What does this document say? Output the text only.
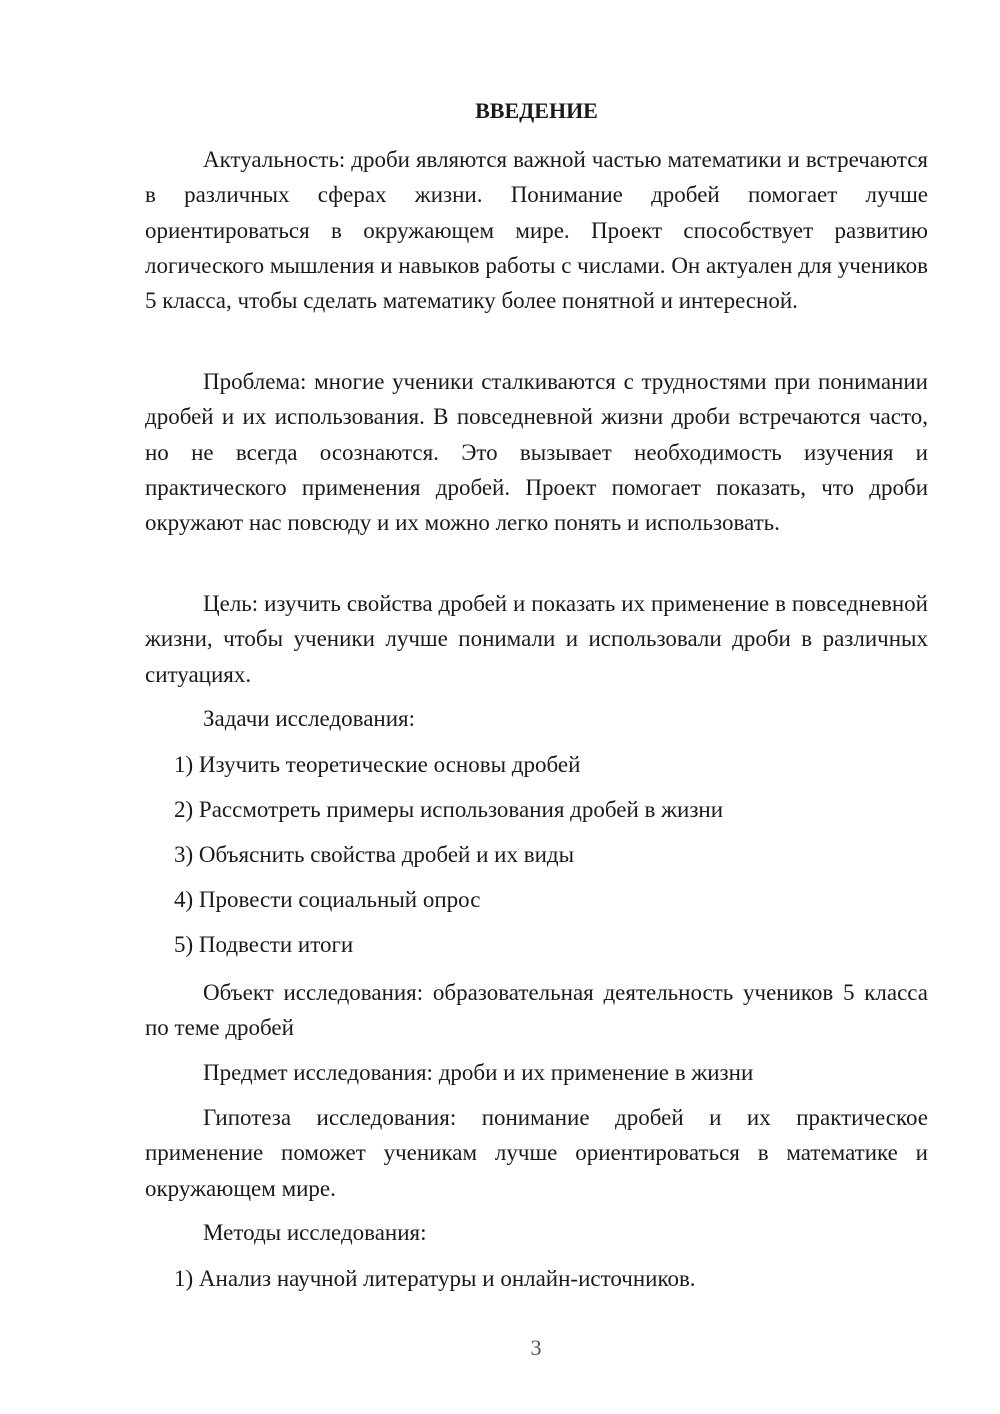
ВВЕДЕНИЕ

Актуальность: дроби являются важной частью математики и встречаются в различных сферах жизни. Понимание дробей помогает лучше ориентироваться в окружающем мире. Проект способствует развитию логического мышления и навыков работы с числами. Он актуален для учеников 5 класса, чтобы сделать математику более понятной и интересной.

Проблема: многие ученики сталкиваются с трудностями при понимании дробей и их использования. В повседневной жизни дроби встречаются часто, но не всегда осознаются. Это вызывает необходимость изучения и практического применения дробей. Проект помогает показать, что дроби окружают нас повсюду и их можно легко понять и использовать.

Цель: изучить свойства дробей и показать их применение в повседневной жизни, чтобы ученики лучше понимали и использовали дроби в различных ситуациях.

Задачи исследования:
1) Изучить теоретические основы дробей
2) Рассмотреть примеры использования дробей в жизни
3) Объяснить свойства дробей и их виды
4) Провести социальный опрос
5) Подвести итоги

Объект исследования: образовательная деятельность учеников 5 класса по теме дробей

Предмет исследования: дроби и их применение в жизни

Гипотеза исследования: понимание дробей и их практическое применение поможет ученикам лучше ориентироваться в математике и окружающем мире.

Методы исследования:
1) Анализ научной литературы и онлайн-источников.
3
